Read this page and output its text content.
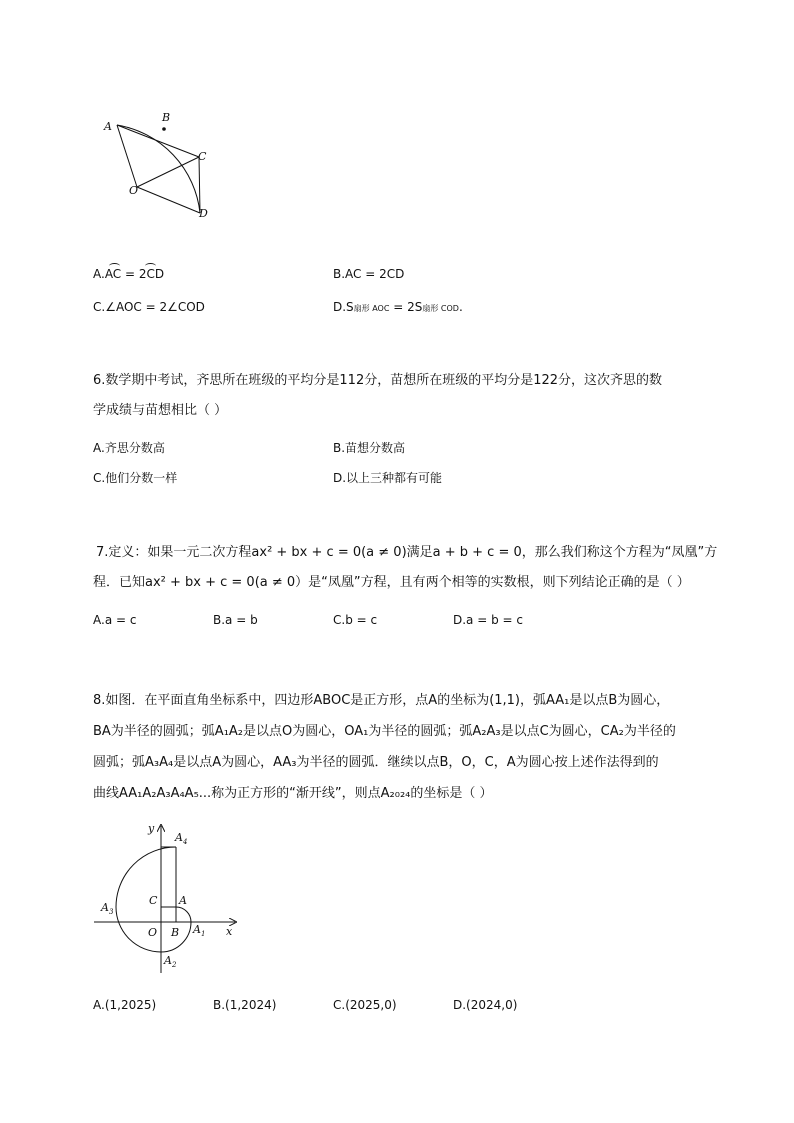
A
B
C
O
D
A.AC = 2CD	B.AC = 2CD
C.∠AOC = 2∠COD	D.S扇形 AOC = 2S扇形 COD.
6.数学期中考试，齐思所在班级的平均分是112分，苗想所在班级的平均分是122分，这次齐思的数
学成绩与苗想相比（ ）
A.齐思分数高	B.苗想分数高
C.他们分数一样	D.以上三种都有可能
7.定义：如果一元二次方程ax² + bx + c = 0(a ≠ 0)满足a + b + c = 0，那么我们称这个方程为“凤凰”方
程．已知ax² + bx + c = 0(a ≠ 0）是“凤凰”方程，且有两个相等的实数根，则下列结论正确的是（ ）
A.a = c	B.a = b	C.b = c	D.a = b = c
8.如图．在平面直角坐标系中，四边形ABOC是正方形，点A的坐标为(1,1)，弧AA₁是以点B为圆心，
BA为半径的圆弧；弧A₁A₂是以点O为圆心，OA₁为半径的圆弧；弧A₂A₃是以点C为圆心，CA₂为半径的
圆弧；弧A₃A₄是以点A为圆心，AA₃为半径的圆弧．继续以点B，O，C，A为圆心按上述作法得到的
曲线AA₁A₂A₃A₄A₅...称为正方形的“渐开线”，则点A₂₀₂₄的坐标是（ ）
y
x
O B
A
C
$A_1$
$A_2$
$A_3$
$A_4$
A.(1,2025)	B.(1,2024)	C.(2025,0)	D.(2024,0)
